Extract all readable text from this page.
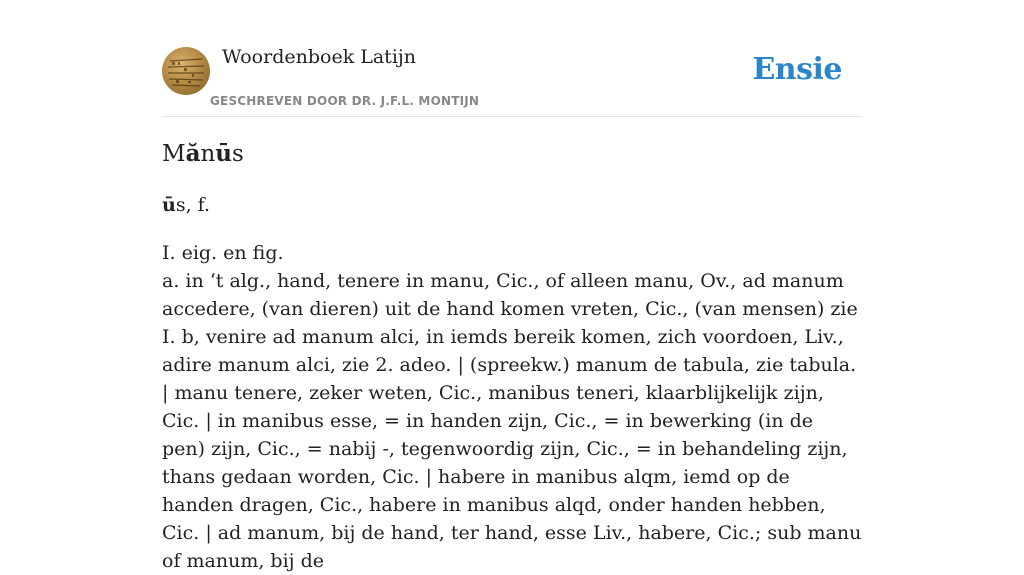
Woordenboek Latijn
GESCHREVEN DOOR DR. J.F.L. MONTIJN
Ensie
Mănūs
ūs, f.

I. eig. en fig.

a. in ‘t alg., hand, tenere in manu, Cic., of alleen manu, Ov., ad manum accedere, (van dieren) uit de hand komen vreten, Cic., (van mensen) zie I. b, venire ad manum alci, in iemds bereik komen, zich voordoen, Liv., adire manum alci, zie 2. adeo. | (spreekw.) manum de tabula, zie tabula. | manu tenere, zeker weten, Cic., manibus teneri, klaarblijkelijk zijn, Cic. | in manibus esse, = in handen zijn, Cic., = in bewerking (in de pen) zijn, Cic., = nabij -, tegenwoordig zijn, Cic., = in behandeling zijn, thans gedaan worden, Cic. | habere in manibus alqm, iemd op de handen dragen, Cic., habere in manibus alqd, onder handen hebben, Cic. | ad manum, bij de hand, ter hand, esse Liv., habere, Cic.; sub manu of manum, bij de
